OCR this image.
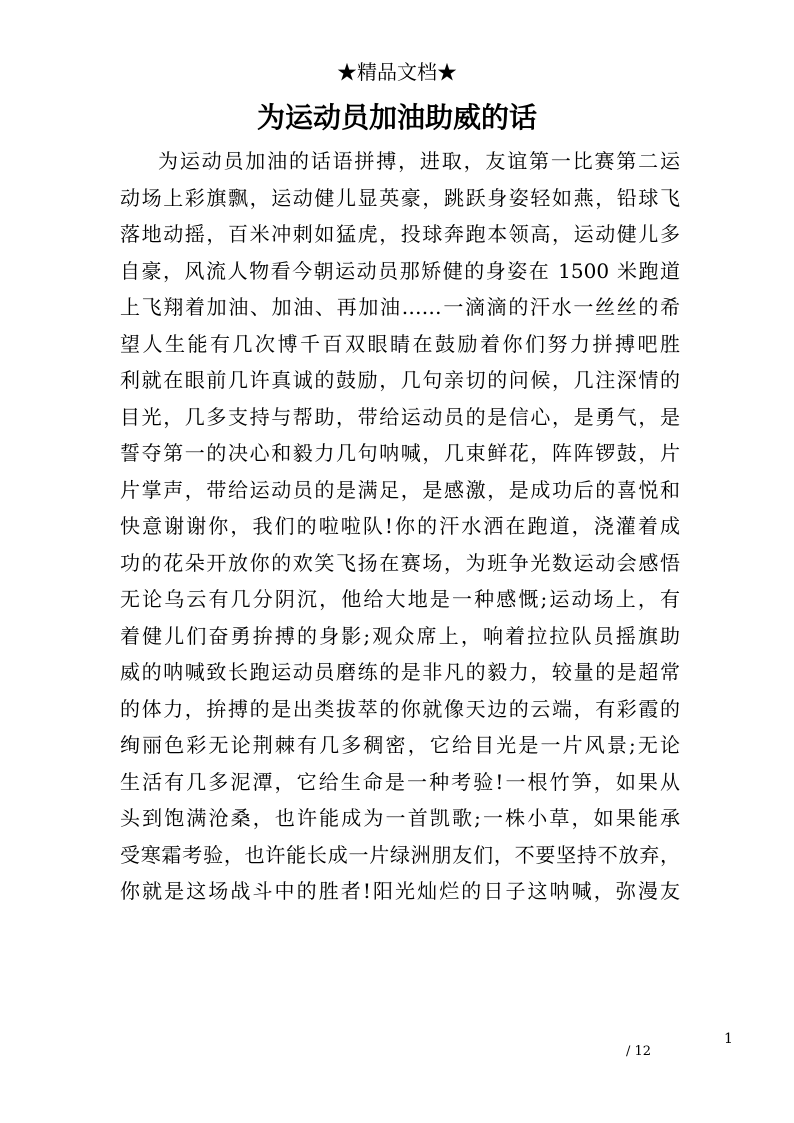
★精品文档★
为运动员加油助威的话
为运动员加油的话语拼搏，进取，友谊第一比赛第二运
动场上彩旗飘，运动健儿显英豪，跳跃身姿轻如燕，铅球飞
落地动摇，百米冲刺如猛虎，投球奔跑本领高，运动健儿多
自豪，风流人物看今朝运动员那矫健的身姿在 1500 米跑道
上飞翔着加油、加油、再加油……一滴滴的汗水一丝丝的希
望人生能有几次博千百双眼睛在鼓励着你们努力拼搏吧胜
利就在眼前几许真诚的鼓励，几句亲切的问候，几注深情的
目光，几多支持与帮助，带给运动员的是信心，是勇气，是
誓夺第一的决心和毅力几句呐喊，几束鲜花，阵阵锣鼓，片
片掌声，带给运动员的是满足，是感激，是成功后的喜悦和
快意谢谢你，我们的啦啦队!你的汗水洒在跑道，浇灌着成
功的花朵开放你的欢笑飞扬在赛场，为班争光数运动会感悟
无论乌云有几分阴沉，他给大地是一种感慨;运动场上，有
着健儿们奋勇拚搏的身影;观众席上，响着拉拉队员摇旗助
威的呐喊致长跑运动员磨练的是非凡的毅力，较量的是超常
的体力，拚搏的是出类拔萃的你就像天边的云端，有彩霞的
绚丽色彩无论荆棘有几多稠密，它给目光是一片风景;无论
生活有几多泥潭，它给生命是一种考验!一根竹笋，如果从
头到饱满沧桑，也许能成为一首凯歌;一株小草，如果能承
受寒霜考验，也许能长成一片绿洲朋友们，不要坚持不放弃，
你就是这场战斗中的胜者!阳光灿烂的日子这呐喊，弥漫友
1
/ 12
